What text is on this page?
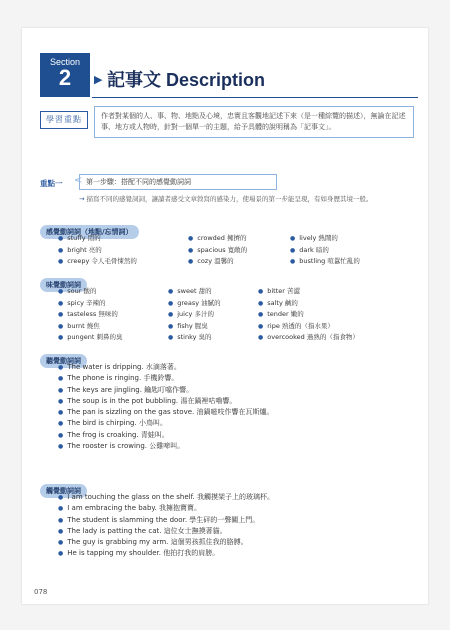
Section
2	▶ 記事文 Description
學習重點	作者對某個的人、事、物、地點及心境，忠實且客觀地記述下來（是一種綜覽的描述），無論在記述事、地方或人物時，針對一個單一的主題，給予具體的說明稱為「記事文」。
重點一 < 第一步驟：搭配不同的感覺動詞詞
→ 描寫不同的感覺詞詞，讓讀者感受文章敘寫的感染力，使場景的第一步能呈現，有如身歷其境一般。
感覺動詞詞（地點/忘情詞）
● stuffy 悶的
● bright 亮的
● creepy 令人毛骨悚然的
● crowded 擁擠的
● spacious 寬敞的
● cozy 溫馨的
● lively 熱鬧的
● dark 暗的
● bustling 喧囂忙亂的
味覺動詞詞
● sour 酸的
● spicy 辛辣的
● tasteless 無味的
● burnt 燒焦
● pungent 刺鼻的臭
● sweet 甜的
● greasy 油膩的
● juicy 多汁的
● fishy 腥臭
● stinky 臭的
● bitter 苦澀
● salty 鹹的
● tender 嫩的
● ripe 熟透的（指水果）
● overcooked 過熟的（指食物）
聽覺動詞詞
● The water is dripping. 水滴落著。
● The phone is ringing. 手機鈴響。
● The keys are jingling. 鑰匙叮噹作響。
● The soup is in the pot bubbling. 湯在鍋裡咕嚕響。
● The pan is sizzling on the gas stove. 油鍋嗞吱作響在瓦斯爐。
● The bird is chirping. 小鳥叫。
● The frog is croaking. 青蛙叫。
● The rooster is crowing. 公雞啼叫。
觸覺動詞詞
● I am touching the glass on the shelf. 我觸摸架子上的玻璃杯。
● I am embracing the baby. 我擁抱寶寶。
● The student is slamming the door. 學生砰的一聲關上門。
● The lady is patting the cat. 這位女士撫摸著貓。
● The guy is grabbing my arm. 這個男孩抓住我的胳膊。
● He is tapping my shoulder. 他拍打我的肩膀。
078
